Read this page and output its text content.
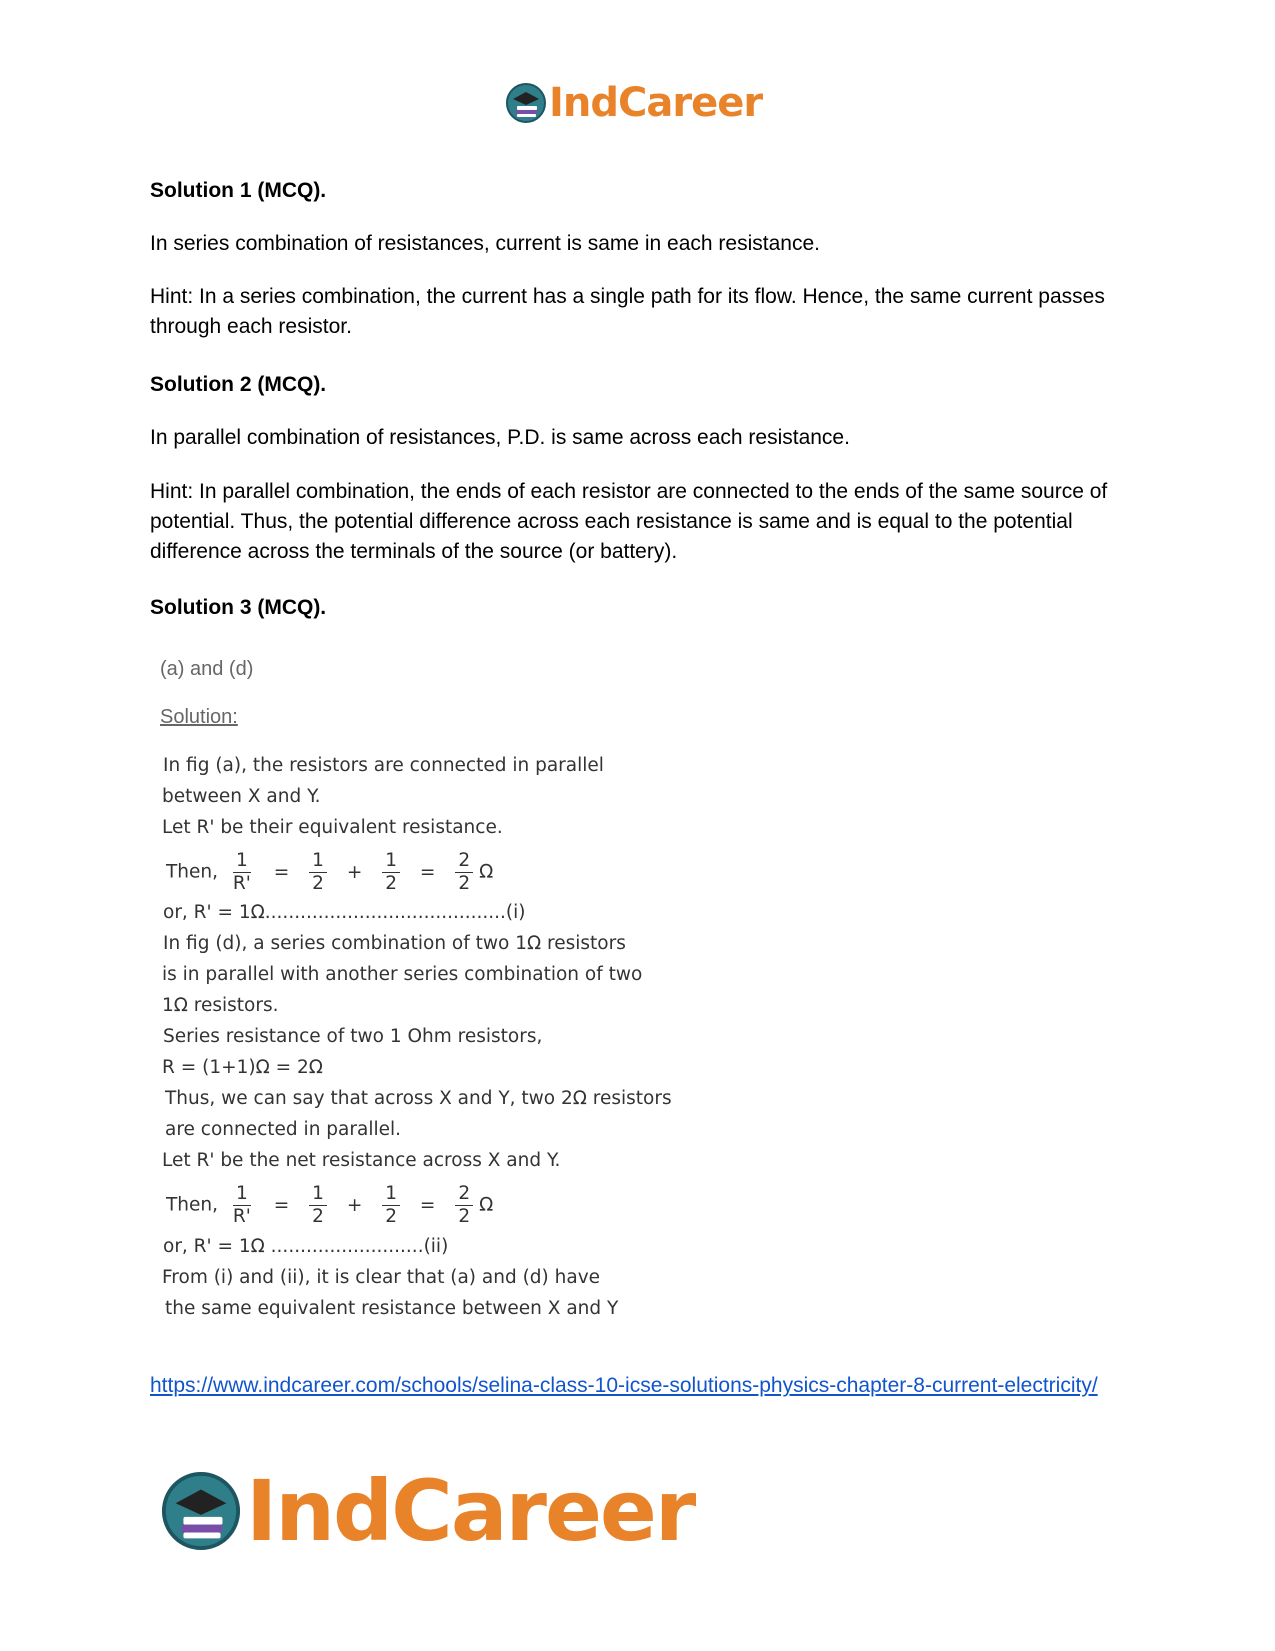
IndCareer

Solution 1 (MCQ).

In series combination of resistances, current is same in each resistance.

Hint: In a series combination, the current has a single path for its flow. Hence, the same current passes through each resistor.

Solution 2 (MCQ).

In parallel combination of resistances, P.D. is same across each resistance.

Hint: In parallel combination, the ends of each resistor are connected to the ends of the same source of potential. Thus, the potential difference across each resistance is same and is equal to the potential difference across the terminals of the source (or battery).

Solution 3 (MCQ).

(a) and (d)
Solution:
In fig (a), the resistors are connected in parallel
between X and Y.
Let R' be their equivalent resistance.
Then, $\frac{1}{R'} = \frac{1}{2} + \frac{1}{2} = \frac{2}{2}$ Ω
or, R' = 1Ω.........................................(i)
In fig (d), a series combination of two 1Ω resistors
is in parallel with another series combination of two
1Ω resistors.
Series resistance of two 1 Ohm resistors,
R = (1+1)Ω = 2Ω
Thus, we can say that across X and Y, two 2Ω resistors
are connected in parallel.
Let R' be the net resistance across X and Y.
Then, $\frac{1}{R'} = \frac{1}{2} + \frac{1}{2} = \frac{2}{2}$ Ω
or, R' = 1Ω ..........................(ii)
From (i) and (ii), it is clear that (a) and (d) have
the same equivalent resistance between X and Y

https://www.indcareer.com/schools/selina-class-10-icse-solutions-physics-chapter-8-current-electricity/

IndCareer
